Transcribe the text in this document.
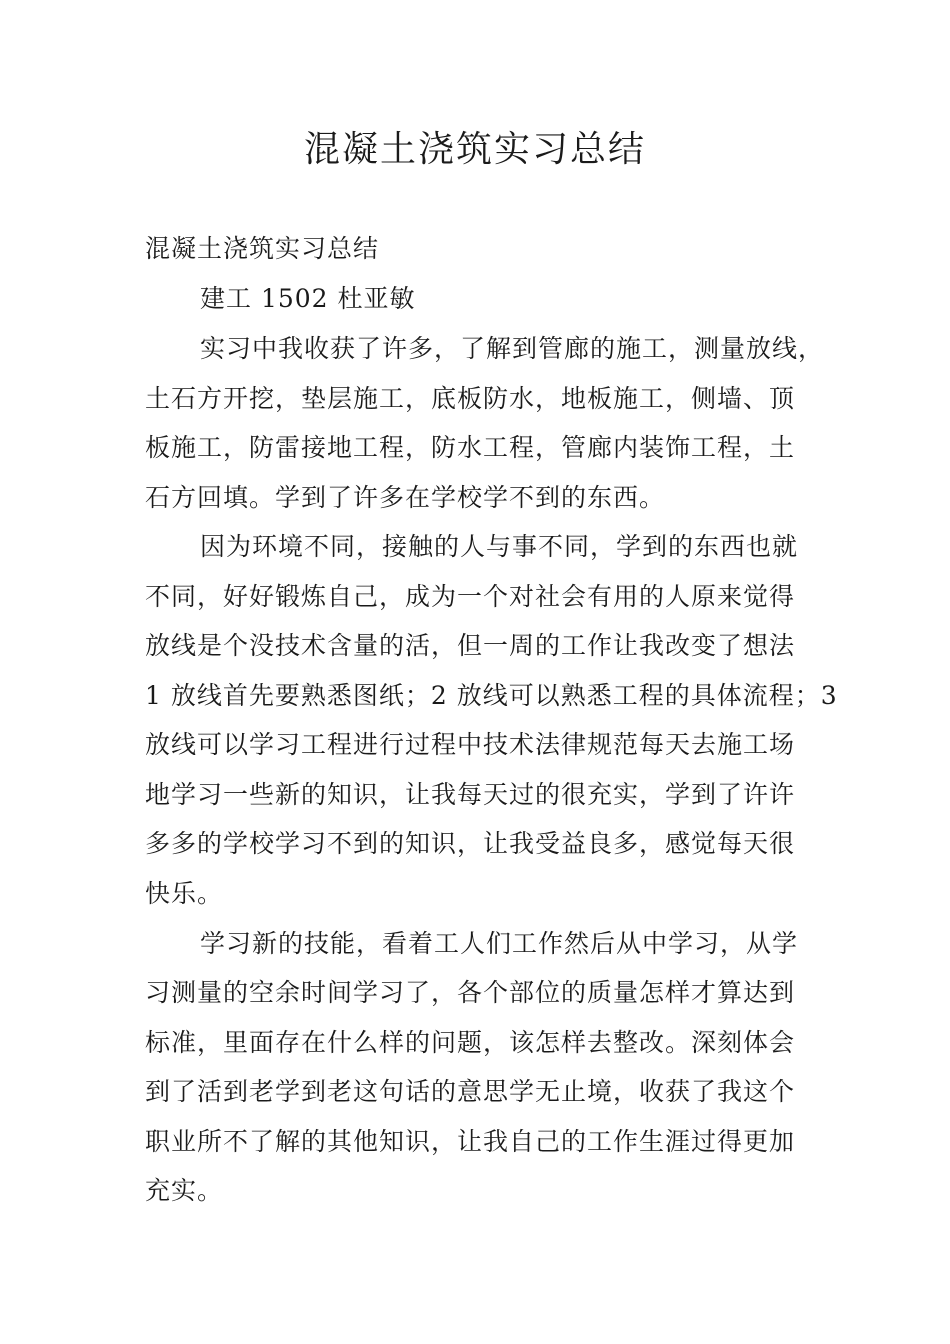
混凝土浇筑实习总结

混凝土浇筑实习总结

建工 1502 杜亚敏

实习中我收获了许多，了解到管廊的施工，测量放线，

土石方开挖，垫层施工，底板防水，地板施工，侧墙、顶

板施工，防雷接地工程，防水工程，管廊内装饰工程，土

石方回填。学到了许多在学校学不到的东西。

因为环境不同，接触的人与事不同，学到的东西也就

不同，好好锻炼自己，成为一个对社会有用的人原来觉得

放线是个没技术含量的活，但一周的工作让我改变了想法

1 放线首先要熟悉图纸；2 放线可以熟悉工程的具体流程；3

放线可以学习工程进行过程中技术法律规范每天去施工场

地学习一些新的知识，让我每天过的很充实，学到了许许

多多的学校学习不到的知识，让我受益良多，感觉每天很

快乐。

学习新的技能，看着工人们工作然后从中学习，从学

习测量的空余时间学习了，各个部位的质量怎样才算达到

标准，里面存在什么样的问题，该怎样去整改。深刻体会

到了活到老学到老这句话的意思学无止境，收获了我这个

职业所不了解的其他知识，让我自己的工作生涯过得更加

充实。
